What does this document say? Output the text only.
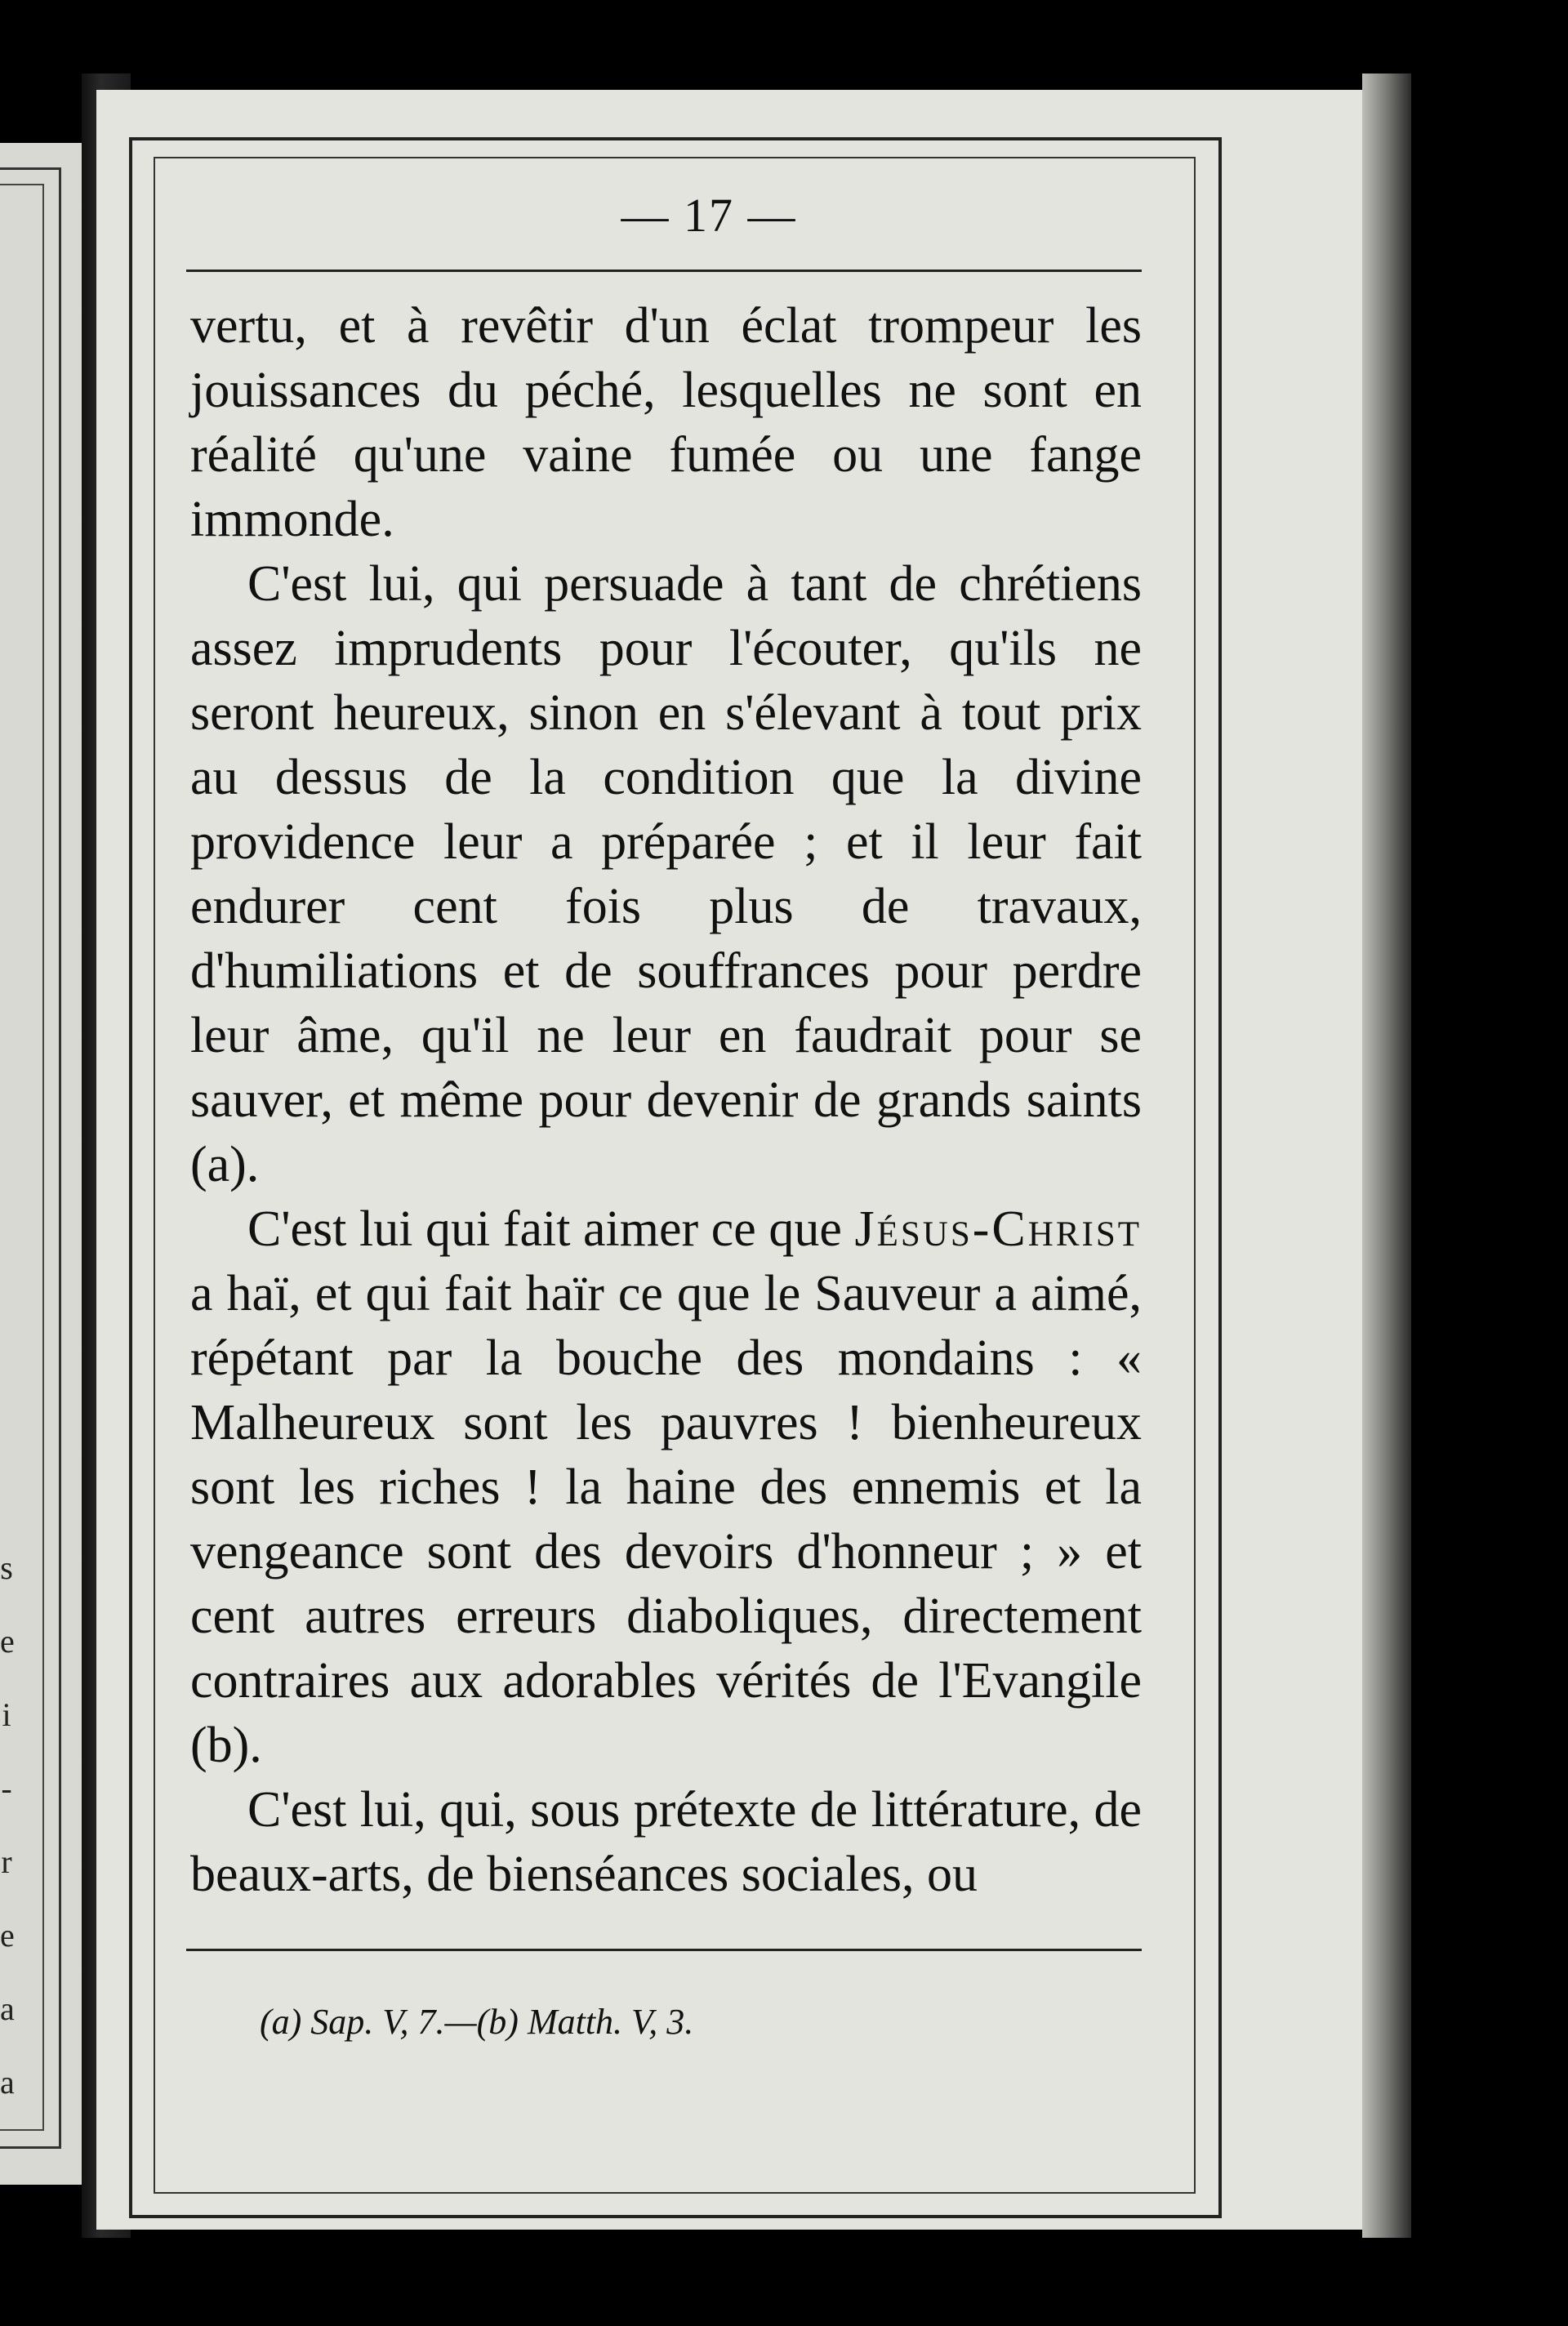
s
e
i
-
r
e
a
a
— 17 —

vertu, et à revêtir d'un éclat trompeur les jouissances du péché, lesquelles ne sont en réalité qu'une vaine fumée ou une fange immonde.

C'est lui, qui persuade à tant de chrétiens assez imprudents pour l'écouter, qu'ils ne seront heureux, sinon en s'élevant à tout prix au dessus de la condition que la divine providence leur a préparée ; et il leur fait endurer cent fois plus de travaux, d'humiliations et de souffrances pour perdre leur âme, qu'il ne leur en faudrait pour se sauver, et même pour devenir de grands saints (a).

C'est lui qui fait aimer ce que Jésus-Christ a haï, et qui fait haïr ce que le Sauveur a aimé, répétant par la bouche des mondains : « Malheureux sont les pauvres ! bienheureux sont les riches ! la haine des ennemis et la vengeance sont des devoirs d'honneur ; » et cent autres erreurs diaboliques, directement contraires aux adorables vérités de l'Evangile (b).

C'est lui, qui, sous prétexte de littérature, de beaux-arts, de bienséances sociales, ou

(a) Sap. V, 7.—(b) Matth. V, 3.
